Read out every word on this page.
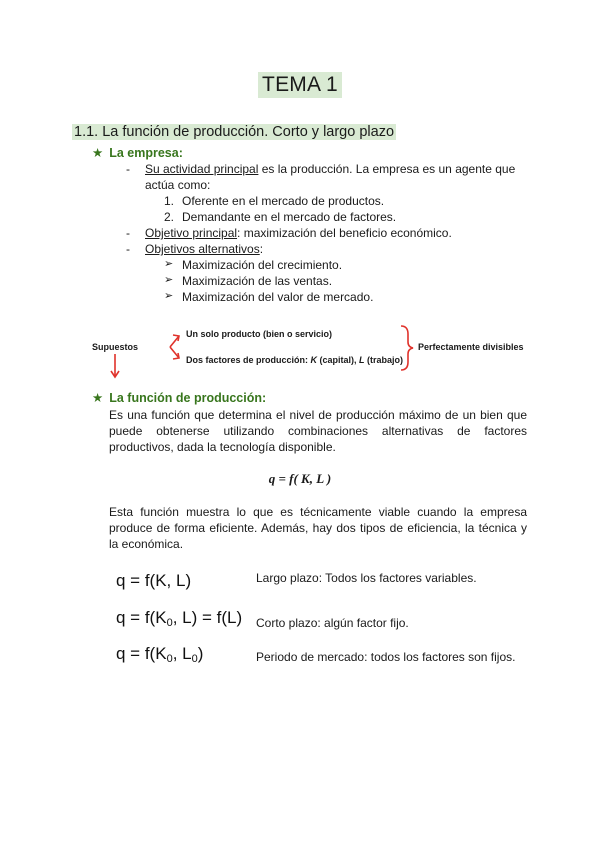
TEMA 1
1.1. La función de producción. Corto y largo plazo
★ La empresa:
- Su actividad principal es la producción. La empresa es un agente que
actúa como:
1. Oferente en el mercado de productos.
2. Demandante en el mercado de factores.
- Objetivo principal: maximización del beneficio económico.
- Objetivos alternativos:
➢ Maximización del crecimiento.
➢ Maximización de las ventas.
➢ Maximización del valor de mercado.
Supuestos
Un solo producto (bien o servicio)
Dos factores de producción: K (capital), L (trabajo)
Perfectamente divisibles
★ La función de producción:
Es una función que determina el nivel de producción máximo de un bien que puede obtenerse utilizando combinaciones alternativas de factores productivos, dada la tecnología disponible.
q = f( K, L )
Esta función muestra lo que es técnicamente viable cuando la empresa produce de forma eficiente. Además, hay dos tipos de eficiencia, la técnica y la económica.
q = f(K, L)	Largo plazo: Todos los factores variables.
$q = f(K_0$, L) = f(L) Corto plazo: algún factor fijo.
$q = f(K_0$, $L_0$)	Periodo de mercado: todos los factores son fijos.
